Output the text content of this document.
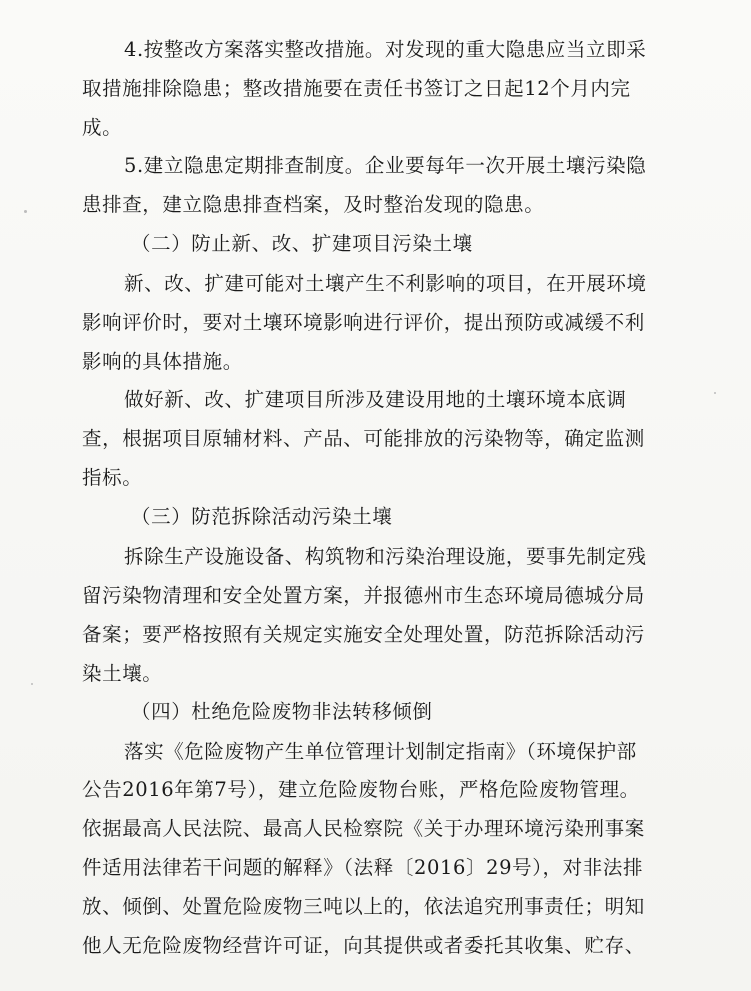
4.按整改方案落实整改措施。对发现的重大隐患应当立即采
取措施排除隐患；整改措施要在责任书签订之日起12个月内完
成。
5.建立隐患定期排查制度。企业要每年一次开展土壤污染隐
患排查，建立隐患排查档案，及时整治发现的隐患。
（二）防止新、改、扩建项目污染土壤
新、改、扩建可能对土壤产生不利影响的项目，在开展环境
影响评价时，要对土壤环境影响进行评价，提出预防或减缓不利
影响的具体措施。
做好新、改、扩建项目所涉及建设用地的土壤环境本底调
查，根据项目原辅材料、产品、可能排放的污染物等，确定监测
指标。
（三）防范拆除活动污染土壤
拆除生产设施设备、构筑物和污染治理设施，要事先制定残
留污染物清理和安全处置方案，并报德州市生态环境局德城分局
备案；要严格按照有关规定实施安全处理处置，防范拆除活动污
染土壤。
（四）杜绝危险废物非法转移倾倒
落实《危险废物产生单位管理计划制定指南》（环境保护部
公告2016年第7号），建立危险废物台账，严格危险废物管理。
依据最高人民法院、最高人民检察院《关于办理环境污染刑事案
件适用法律若干问题的解释》（法释〔2016〕29号），对非法排
放、倾倒、处置危险废物三吨以上的，依法追究刑事责任；明知
他人无危险废物经营许可证，向其提供或者委托其收集、贮存、
